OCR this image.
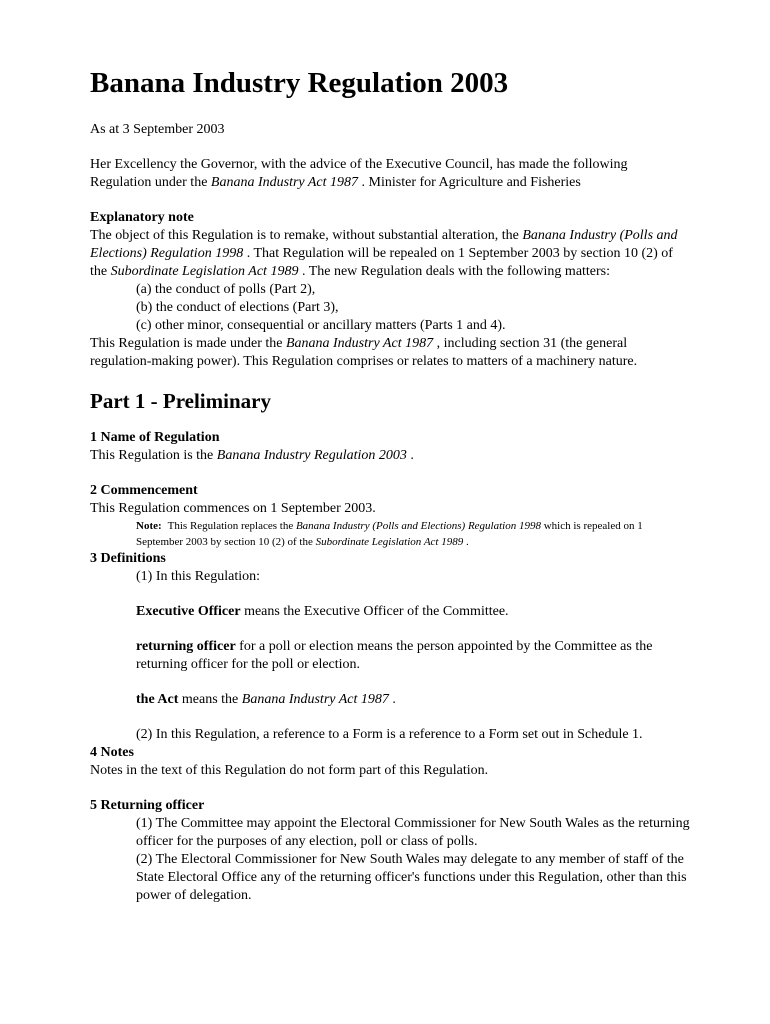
Banana Industry Regulation 2003

As at 3 September 2003

Her Excellency the Governor, with the advice of the Executive Council, has made the following Regulation under the Banana Industry Act 1987 . Minister for Agriculture and Fisheries

Explanatory note

The object of this Regulation is to remake, without substantial alteration, the Banana Industry (Polls and Elections) Regulation 1998 . That Regulation will be repealed on 1 September 2003 by section 10 (2) of the Subordinate Legislation Act 1989 . The new Regulation deals with the following matters:

(a) the conduct of polls (Part 2),
(b) the conduct of elections (Part 3),
(c) other minor, consequential or ancillary matters (Parts 1 and 4).

This Regulation is made under the Banana Industry Act 1987 , including section 31 (the general regulation-making power). This Regulation comprises or relates to matters of a machinery nature.

Part 1 - Preliminary

1 Name of Regulation

This Regulation is the Banana Industry Regulation 2003 .

2 Commencement

This Regulation commences on 1 September 2003.

Note: This Regulation replaces the Banana Industry (Polls and Elections) Regulation 1998 which is repealed on 1 September 2003 by section 10 (2) of the Subordinate Legislation Act 1989 .

3 Definitions

(1) In this Regulation:

Executive Officer means the Executive Officer of the Committee.

returning officer for a poll or election means the person appointed by the Committee as the returning officer for the poll or election.

the Act means the Banana Industry Act 1987 .

(2) In this Regulation, a reference to a Form is a reference to a Form set out in Schedule 1.

4 Notes

Notes in the text of this Regulation do not form part of this Regulation.

5 Returning officer

(1) The Committee may appoint the Electoral Commissioner for New South Wales as the returning officer for the purposes of any election, poll or class of polls.

(2) The Electoral Commissioner for New South Wales may delegate to any member of staff of the State Electoral Office any of the returning officer's functions under this Regulation, other than this power of delegation.
